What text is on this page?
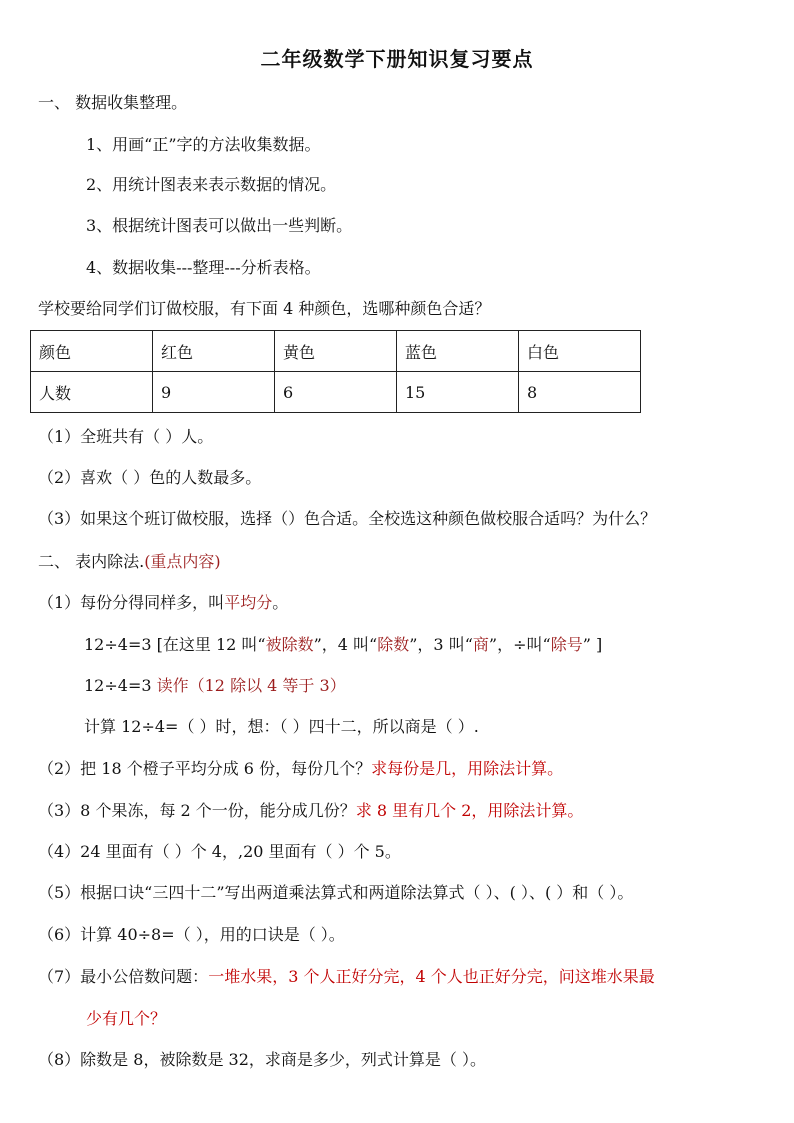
二年级数学下册知识复习要点
一、 数据收集整理。
1、用画“正”字的方法收集数据。
2、用统计图表来表示数据的情况。
3、根据统计图表可以做出一些判断。
4、数据收集---整理---分析表格。
学校要给同学们订做校服，有下面 4 种颜色，选哪种颜色合适？
颜色	红色	黄色	蓝色	白色
人数	9	6	15	8
（1）全班共有（ ）人。
（2）喜欢（ ）色的人数最多。
（3）如果这个班订做校服，选择（）色合适。全校选这种颜色做校服合适吗？为什么？
二、 表内除法.(重点内容)
（1）每份分得同样多，叫平均分。
12÷4=3 [在这里 12 叫“被除数”，4 叫“除数”，3 叫“商”，÷叫“除号” ]
12÷4=3 读作（12 除以 4 等于 3）
计算 12÷4=（ ）时，想：（ ）四十二，所以商是（ ）.
（2）把 18 个橙子平均分成 6 份，每份几个？求每份是几，用除法计算。
（3）8 个果冻，每 2 个一份，能分成几份？求 8 里有几个 2，用除法计算。
（4）24 里面有（ ）个 4，,20 里面有（ ）个 5。
（5）根据口诀“三四十二”写出两道乘法算式和两道除法算式（ ）、( ）、( ）和（ ）。
（6）计算 40÷8=（ ），用的口诀是（ ）。
（7）最小公倍数问题：一堆水果，3 个人正好分完，4 个人也正好分完，问这堆水果最
少有几个？
（8）除数是 8，被除数是 32，求商是多少，列式计算是（ ）。
